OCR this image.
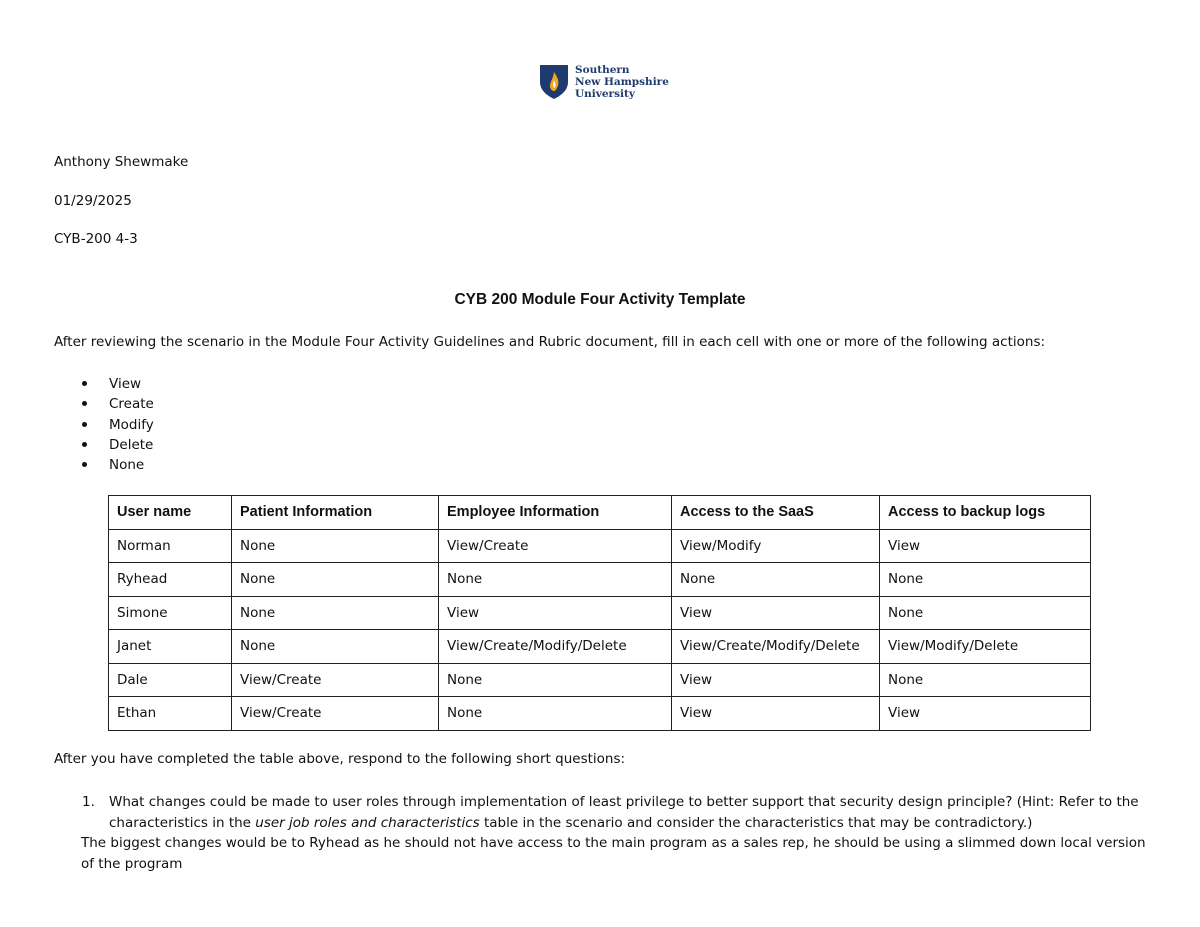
Southern
New Hampshire
University
Anthony Shewmake
01/29/2025
CYB-200 4-3
CYB 200 Module Four Activity Template
After reviewing the scenario in the Module Four Activity Guidelines and Rubric document, fill in each cell with one or more of the following actions:
View
Create
Modify
Delete
None
User name	Patient Information	Employee Information	Access to the SaaS	Access to backup logs
Norman	None	View/Create	View/Modify	View
Ryhead	None	None	None	None
Simone	None	View	View	None
Janet	None	View/Create/Modify/Delete	View/Create/Modify/Delete	View/Modify/Delete
Dale	View/Create	None	View	None
Ethan	View/Create	None	View	View
After you have completed the table above, respond to the following short questions:
1. What changes could be made to user roles through implementation of least privilege to better support that security design principle? (Hint: Refer to the characteristics in the user job roles and characteristics table in the scenario and consider the characteristics that may be contradictory.)
The biggest changes would be to Ryhead as he should not have access to the main program as a sales rep, he should be using a slimmed down local version of the program
